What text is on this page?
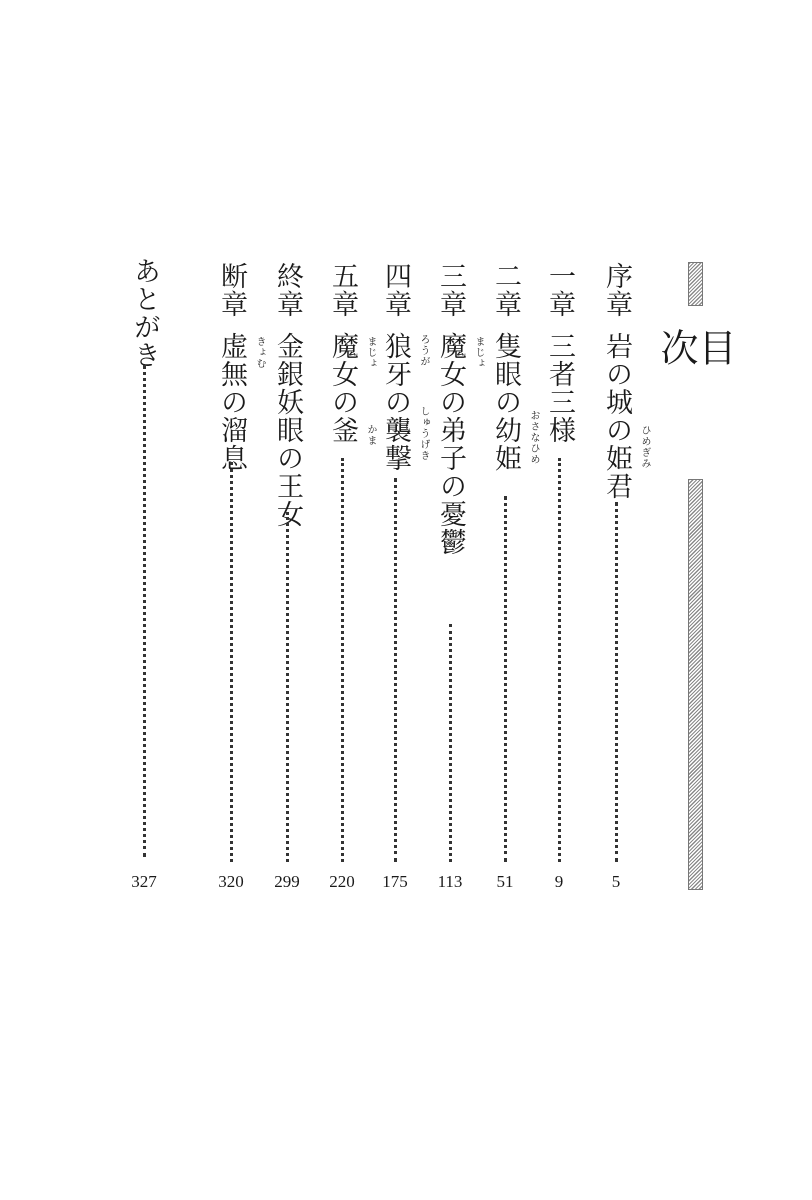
目次
序章
岩の城の姫君 ひめぎみ
5
一章
三者三様
9
二章
隻眼の幼姫 おさなひめ
51
三章
魔女の弟子の憂鬱 まじょ
113
四章
狼牙の襲撃 ろうが
しゅうげき
175
五章
魔女の釜 まじょ
かま
220
終章
金銀妖眼の王女
299
断章
虚無の溜息 きょむ
320
あとがき
327
